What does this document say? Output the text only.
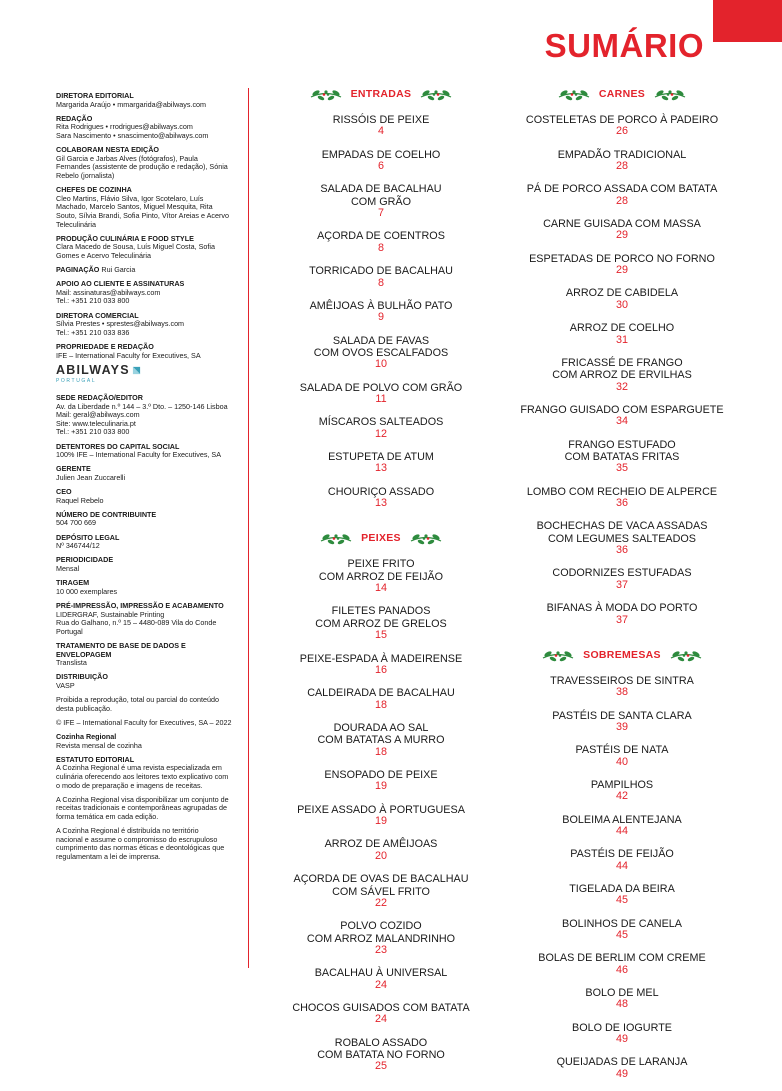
SUMÁRIO
DIRETORA EDITORIAL
Margarida Araújo • mmargarida@abilways.com
REDAÇÃO
Rita Rodrigues • rrodrigues@abilways.com
Sara Nascimento • snascimento@abilways.com
COLABORAM NESTA EDIÇÃO
Gil Garcia e Jarbas Alves (fotógrafos), Paula
Fernandes (assistente de produção e redação), Sónia
Rebelo (jornalista)
CHEFES DE COZINHA
Cleo Martins, Flávio Silva, Igor Scotelaro, Luís
Machado, Marcelo Santos, Miguel Mesquita, Rita
Souto, Sílvia Brandi, Sofia Pinto, Vítor Areias e Acervo
Teleculinária
PRODUÇÃO CULINÁRIA E FOOD STYLE
Clara Macedo de Sousa, Luís Miguel Costa, Sofia
Gomes e Acervo Teleculinária
PAGINAÇÃO Rui Garcia
APOIO AO CLIENTE E ASSINATURAS
Mail: assinaturas@abilways.com
Tel.: +351 210 033 800
DIRETORA COMERCIAL
Sílvia Prestes • sprestes@abilways.com
Tel.: +351 210 033 836
PROPRIEDADE E REDAÇÃO
IFE – International Faculty for Executives, SA
ABILWAYS
PORTUGAL
SEDE REDAÇÃO/EDITOR
Av. da Liberdade n.º 144 – 3.º Dto. – 1250-146 Lisboa
Mail: geral@abilways.com
Site: www.teleculinaria.pt
Tel.: +351 210 033 800
DETENTORES DO CAPITAL SOCIAL
100% IFE – International Faculty for Executives, SA
GERENTE
Julien Jean Zuccarelli
CEO
Raquel Rebelo
NÚMERO DE CONTRIBUINTE
504 700 669
DEPÓSITO LEGAL
Nº 346744/12
PERIODICIDADE
Mensal
TIRAGEM
10 000 exemplares
PRÉ-IMPRESSÃO, IMPRESSÃO E ACABAMENTO
LIDERGRAF, Sustainable Printing
Rua do Galhano, n.º 15 – 4480-089 Vila do Conde
Portugal
TRATAMENTO DE BASE DE DADOS E ENVELOPAGEM
Translista
DISTRIBUIÇÃO
VASP
Proibida a reprodução, total ou parcial do conteúdo
desta publicação.
© IFE – International Faculty for Executives, SA – 2022
Cozinha Regional
Revista mensal de cozinha
ESTATUTO EDITORIAL
A Cozinha Regional é uma revista especializada em
culinária oferecendo aos leitores texto explicativo com
o modo de preparação e imagens de receitas.
A Cozinha Regional visa disponibilizar um conjunto de
receitas tradicionais e contemporâneas agrupadas de
forma temática em cada edição.
A Cozinha Regional é distribuída no território
nacional e assume o compromisso do escrupuloso
cumprimento das normas éticas e deontológicas que
regulamentam a lei de imprensa.
ENTRADAS
RISSÓIS DE PEIXE
4
EMPADAS DE COELHO
6
SALADA DE BACALHAU
COM GRÃO
7
AÇORDA DE COENTROS
8
TORRICADO DE BACALHAU
8
AMÊIJOAS À BULHÃO PATO
9
SALADA DE FAVAS
COM OVOS ESCALFADOS
10
SALADA DE POLVO COM GRÃO
11
MÍSCAROS SALTEADOS
12
ESTUPETA DE ATUM
13
CHOURIÇO ASSADO
13
PEIXES
PEIXE FRITO
COM ARROZ DE FEIJÃO
14
FILETES PANADOS
COM ARROZ DE GRELOS
15
PEIXE-ESPADA À MADEIRENSE
16
CALDEIRADA DE BACALHAU
18
DOURADA AO SAL
COM BATATAS A MURRO
18
ENSOPADO DE PEIXE
19
PEIXE ASSADO À PORTUGUESA
19
ARROZ DE AMÊIJOAS
20
AÇORDA DE OVAS DE BACALHAU
COM SÁVEL FRITO
22
POLVO COZIDO
COM ARROZ MALANDRINHO
23
BACALHAU À UNIVERSAL
24
CHOCOS GUISADOS COM BATATA
24
ROBALO ASSADO
COM BATATA NO FORNO
25
CARNES
COSTELETAS DE PORCO À PADEIRO
26
EMPADÃO TRADICIONAL
28
PÁ DE PORCO ASSADA COM BATATA
28
CARNE GUISADA COM MASSA
29
ESPETADAS DE PORCO NO FORNO
29
ARROZ DE CABIDELA
30
ARROZ DE COELHO
31
FRICASSÉ DE FRANGO
COM ARROZ DE ERVILHAS
32
FRANGO GUISADO COM ESPARGUETE
34
FRANGO ESTUFADO
COM BATATAS FRITAS
35
LOMBO COM RECHEIO DE ALPERCE
36
BOCHECHAS DE VACA ASSADAS
COM LEGUMES SALTEADOS
36
CODORNIZES ESTUFADAS
37
BIFANAS À MODA DO PORTO
37
SOBREMESAS
TRAVESSEIROS DE SINTRA
38
PASTÉIS DE SANTA CLARA
39
PASTÉIS DE NATA
40
PAMPILHOS
42
BOLEIMA ALENTEJANA
44
PASTÉIS DE FEIJÃO
44
TIGELADA DA BEIRA
45
BOLINHOS DE CANELA
45
BOLAS DE BERLIM COM CREME
46
BOLO DE MEL
48
BOLO DE IOGURTE
49
QUEIJADAS DE LARANJA
49
